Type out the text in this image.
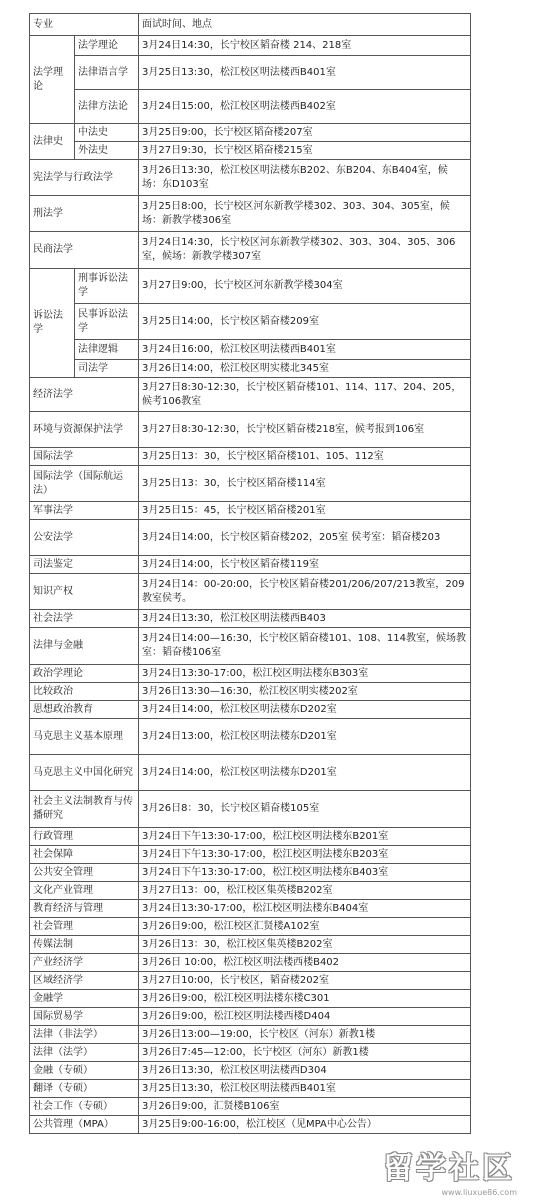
专业		面试时间、地点
法学理论	法学理论	3月24日14:30，长宁校区韬奋楼 214、218室
	法律语言学	3月25日13:30，松江校区明法楼西B401室
	法律方法论	3月24日15:00，松江校区明法楼西B402室
法律史	中法史	3月25日9:00，长宁校区韬奋楼207室
	外法史	3月27日9:30，长宁校区韬奋楼215室
宪法学与行政法学		3月26日13:30，松江校区明法楼东B202、东B204、东B404室，候场：东D103室
刑法学		3月25日8:00，长宁校区河东新教学楼302、303、304、305室，候场：新教学楼306室
民商法学		3月24日14:30，长宁校区河东新教学楼302、303、304、305、306室，候场：新教学楼307室
诉讼法学	刑事诉讼法学	3月27日9:00，长宁校区河东新教学楼304室
	民事诉讼法学	3月25日14:00，长宁校区韬奋楼209室
	法律逻辑	3月24日16:00，松江校区明法楼西B401室
	司法学	3月26日14:00，松江校区明实楼北345室
经济法学		3月27日8:30-12:30，长宁校区韬奋楼101、114、117、204、205，候考106教室
环境与资源保护法学		3月27日8:30-12:30，长宁校区韬奋楼218室，候考报到106室
国际法学		3月25日13：30，长宁校区韬奋楼101、105、112室
国际法学（国际航运法）		3月25日13：30，长宁校区韬奋楼114室
军事法学		3月25日15：45，长宁校区韬奋楼201室
公安法学		3月24日14:00，长宁校区韬奋楼202，205室 侯考室：韬奋楼203
司法鉴定		3月24日14:00，长宁校区韬奋楼119室
知识产权		3月24日14：00-20:00，长宁校区韬奋楼201/206/207/213教室，209教室侯考。
社会法学		3月24日13:30，松江校区明法楼西B403
法律与金融		3月24日14:00—16:30，长宁校区韬奋楼101、108、114教室，候场教室：韬奋楼106室
政治学理论		3月24日13:30-17:00，松江校区明法楼东B303室
比较政治		3月26日13:30—16:30，松江校区明实楼202室
思想政治教育		3月24日14:00，松江校区明法楼东D202室
马克思主义基本原理		3月24日13:00，松江校区明法楼东D201室
马克思主义中国化研究		3月24日14:00，松江校区明法楼东D201室
社会主义法制教育与传播研究		3月26日8：30，长宁校区韬奋楼105室
行政管理		3月24日下午13:30-17:00，松江校区明法楼东B201室
社会保障		3月24日下午13:30-17:00，松江校区明法楼东B203室
公共安全管理		3月24日下午13:30-17:00，松江校区明法楼东B403室
文化产业管理		3月27日13：00，松江校区集英楼B202室
教育经济与管理		3月24日13:30-17:00，松江校区明法楼东B404室
社会管理		3月26日9:00，松江校区汇贤楼A102室
传媒法制		3月26日13：30，松江校区集英楼B202室
产业经济学		3月26日 10:00，松江校区明法楼西楼B402
区域经济学		3月27日10:00，长宁校区，韬奋楼202室
金融学		3月26日9:00，松江校区明法楼东楼C301
国际贸易学		3月26日9:00，松江校区明法楼西楼D404
法律（非法学）		3月26日13:00—19:00，长宁校区（河东）新教1楼
法律（法学）		3月26日7:45—12:00，长宁校区（河东）新教1楼
金融（专硕）		3月26日13:30，松江校区明法楼西D304
翻译（专硕）		3月25日13:30，松江校区明法楼西B401室
社会工作（专硕）		3月26日9:00，汇贤楼B106室
公共管理（MPA）		3月25日9:00-16:00，松江校区（见MPA中心公告）
留学社区
www.liuxue86.com
